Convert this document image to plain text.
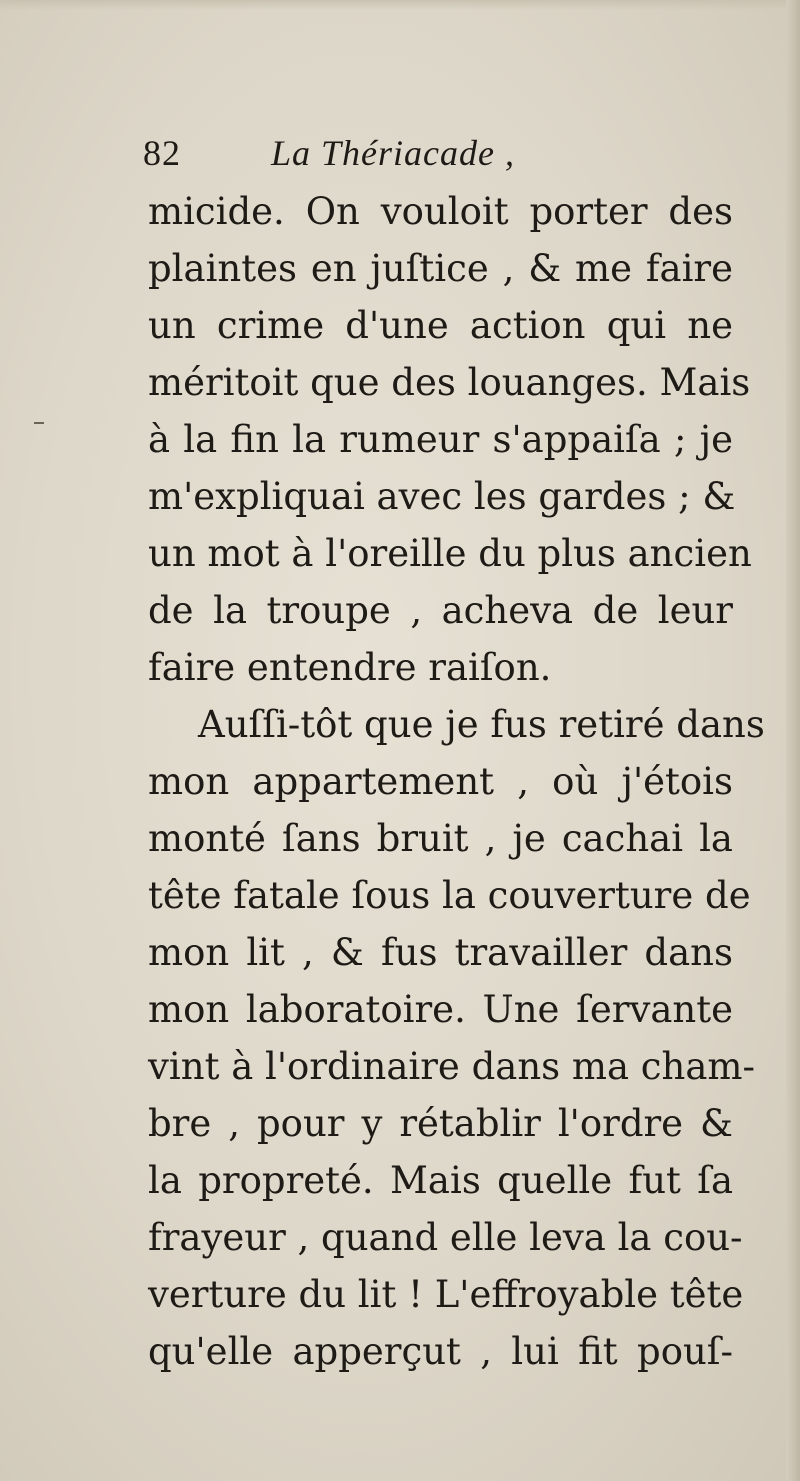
82	La Thériacade ,
micide. On vouloit porter des
plaintes en juſtice , & me faire
un crime d'une action qui ne
méritoit que des louanges. Mais
à la fin la rumeur s'appaiſa ; je
m'expliquai avec les gardes ; &
un mot à l'oreille du plus ancien
de la troupe , acheva de leur
faire entendre raiſon.
Auſſi-tôt que je fus retiré dans
mon appartement , où j'étois
monté ſans bruit , je cachai la
tête fatale ſous la couverture de
mon lit , & fus travailler dans
mon laboratoire. Une ſervante
vint à l'ordinaire dans ma cham-
bre , pour y rétablir l'ordre &
la propreté. Mais quelle fut ſa
frayeur , quand elle leva la cou-
verture du lit ! L'effroyable tête
qu'elle apperçut , lui fit pouſ-
